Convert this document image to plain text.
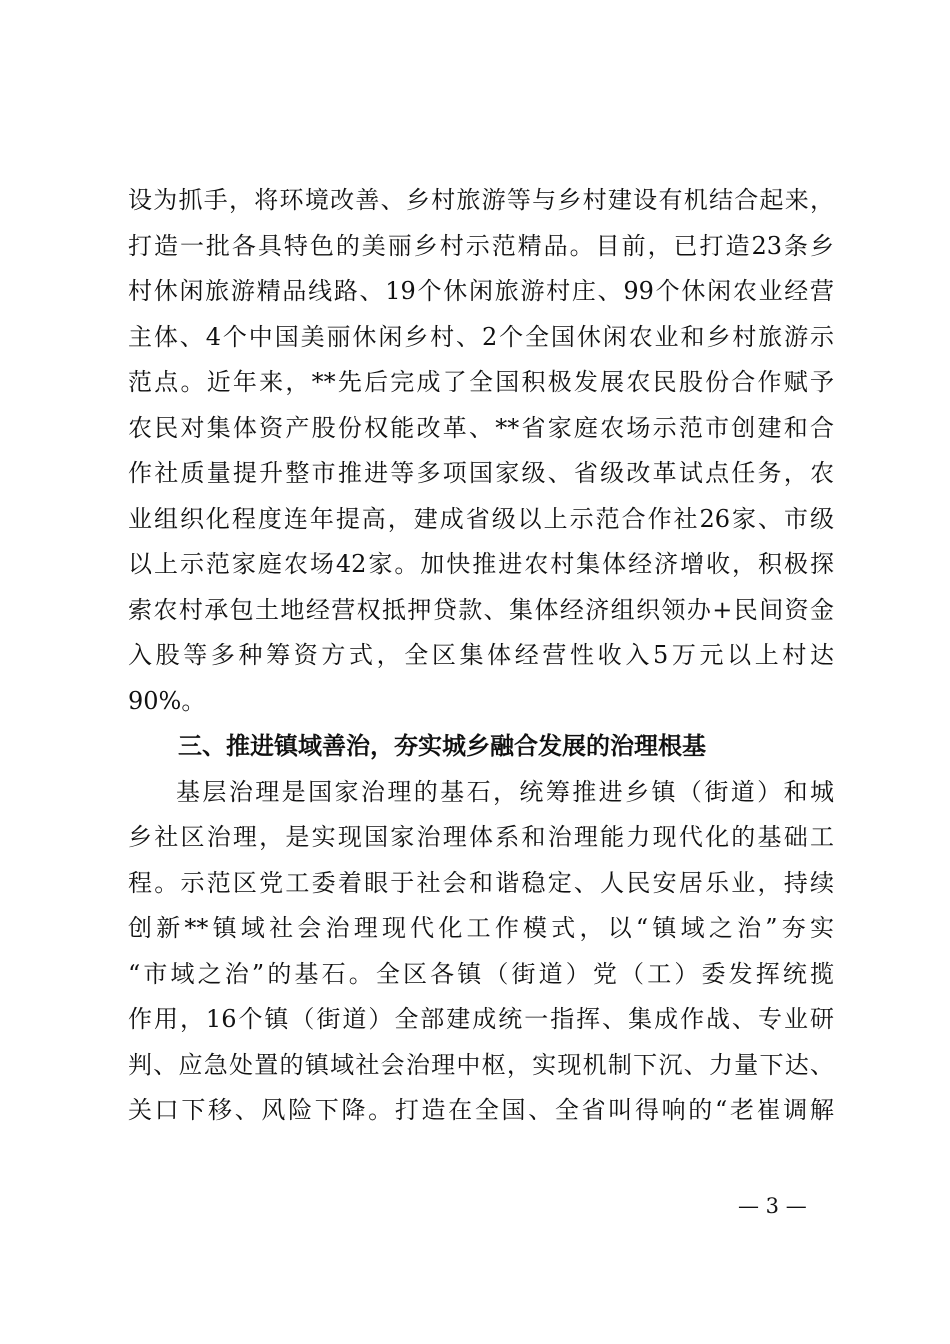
设为抓手，将环境改善、乡村旅游等与乡村建设有机结合起来，
打造一批各具特色的美丽乡村示范精品。目前，已打造23条乡
村休闲旅游精品线路、19个休闲旅游村庄、99个休闲农业经营
主体、4个中国美丽休闲乡村、2个全国休闲农业和乡村旅游示
范点。近年来，**先后完成了全国积极发展农民股份合作赋予
农民对集体资产股份权能改革、**省家庭农场示范市创建和合
作社质量提升整市推进等多项国家级、省级改革试点任务，农
业组织化程度连年提高，建成省级以上示范合作社26家、市级
以上示范家庭农场42家。加快推进农村集体经济增收，积极探
索农村承包土地经营权抵押贷款、集体经济组织领办+民间资金
入股等多种筹资方式，全区集体经营性收入5万元以上村达
90%。
三、推进镇域善治，夯实城乡融合发展的治理根基
基层治理是国家治理的基石，统筹推进乡镇（街道）和城
乡社区治理，是实现国家治理体系和治理能力现代化的基础工
程。示范区党工委着眼于社会和谐稳定、人民安居乐业，持续
创新**镇域社会治理现代化工作模式，以“镇域之治”夯实
“市域之治”的基石。全区各镇（街道）党（工）委发挥统揽
作用，16个镇（街道）全部建成统一指挥、集成作战、专业研
判、应急处置的镇域社会治理中枢，实现机制下沉、力量下达、
关口下移、风险下降。打造在全国、全省叫得响的“老崔调解
— 3 —
